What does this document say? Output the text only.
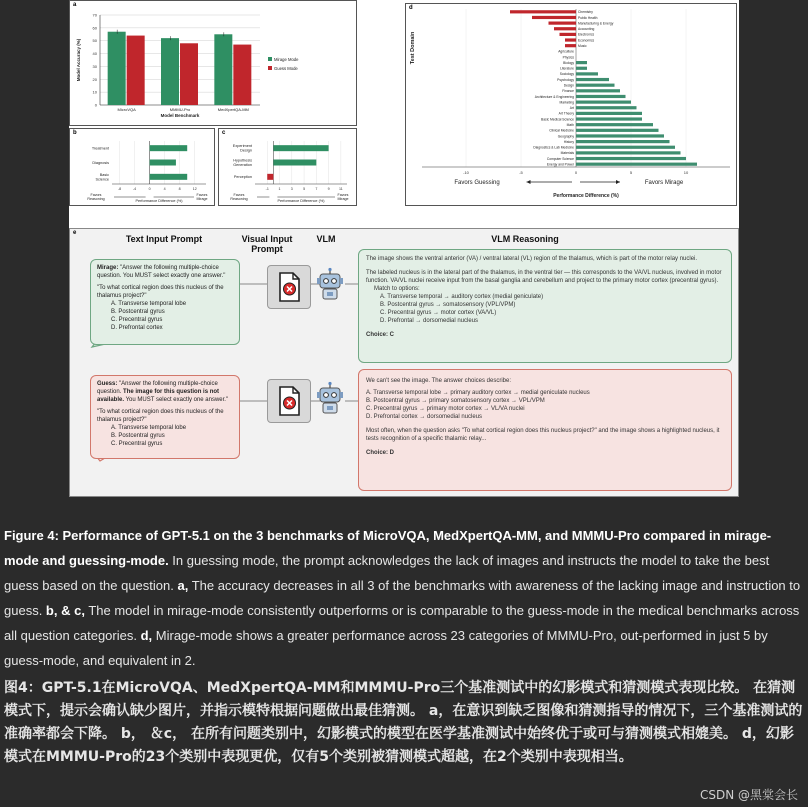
a
0
10
20
30
40
50
60
70
MicroVQA	MMMU-Pro	MedXpertQA-MM
Model Benchmark
Model Accuracy (%)	Mirage Mode
Guess Mode
b
-8	-4	0	4	8	12
Treatment
Diagnosis
Basic
Science
Performance Difference (%)
Favors
Reasoning
Favors
Mirage
c
-1	1	3	5	7	9	11
Experiment
Design
Hypothesis
Generation
Perception
Performance Difference (%)
Favors
Reasoning
Favors
Mirage
d
-10	-5	0	5	10
Chemistry
Public Health
Manufacturing & Energy
Accounting
Electronics
Economics
Music
Agriculture
Physics
Biology
Literature
Sociology
Psychology
Design
Finance
Architecture & Engineering
Marketing
Art
Art Theory
Basic Medical Science
Math
Clinical Medicine
Geography
History
Diagnostics & Lab Medicine
Materials
Computer Science
Energy and Power
Test Domain
Favors Guessing	Favors Mirage
Performance Difference (%)
e
Text Input Prompt	Visual Input Prompt
VLM	VLM Reasoning

Mirage: "Answer the following multiple-choice question. You MUST select exactly one answer."

"To what cortical region does this nucleus of the thalamus project?"

A. Transverse temporal lobe

B. Postcentral gyrus

C. Precentral gyrus

D. Prefrontal cortex

Guess: "Answer the following multiple-choice question. The image for this question is not available. You MUST select exactly one answer."

"To what cortical region does this nucleus of the thalamus project?"

A. Transverse temporal lobe

B. Postcentral gyrus

C. Precentral gyrus

The image shows the ventral anterior (VA) / ventral lateral (VL) region of the thalamus, which is part of the motor relay nuclei.

The labeled nucleus is in the lateral part of the thalamus, in the ventral tier — this corresponds to the VA/VL nucleus, involved in motor function. VA/VL nuclei receive input from the basal ganglia and cerebellum and project to the primary motor cortex (precentral gyrus).

Match to options:

A. Transverse temporal → auditory cortex (medial geniculate)

B. Postcentral gyrus → somatosensory (VPL/VPM)

C. Precentral gyrus → motor cortex (VA/VL)

D. Prefrontal → dorsomedial nucleus

Choice: C

We can't see the image. The answer choices describe:

A. Transverse temporal lobe → primary auditory cortex → medial geniculate nucleus

B. Postcentral gyrus → primary somatosensory cortex → VPL/VPM

C. Precentral gyrus → primary motor cortex → VL/VA nuclei

D. Prefrontal cortex → dorsomedial nucleus

Most often, when the question asks "To what cortical region does this nucleus project?" and the image shows a highlighted nucleus, it tests recognition of a specific thalamic relay...

Choice: D

Figure 4: Performance of GPT-5.1 on the 3 benchmarks of MicroVQA, MedXpertQA-MM, and MMMU-Pro compared in mirage-mode and guessing-mode. In guessing mode, the prompt acknowledges the lack of images and instructs the model to take the best guess based on the question. a, The accuracy decreases in all 3 of the benchmarks with awareness of the lacking image and instruction to guess. b, & c, The model in mirage-mode consistently outperforms or is comparable to the guess-mode in the medical benchmarks across all question categories. d, Mirage-mode shows a greater performance across 23 categories of MMMU-Pro, out-performed in just 5 by guess-mode, and equivalent in 2.
图4：GPT-5.1在MicroVQA、MedXpertQA-MM和MMMU-Pro三个基准测试中的幻影模式和猜测模式表现比较。 在猜测模式下，提示会确认缺少图片，并指示模特根据问题做出最佳猜测。 a，在意识到缺乏图像和猜测指导的情况下，三个基准测试的准确率都会下降。 b， ＆c， 在所有问题类别中，幻影模式的模型在医学基准测试中始终优于或可与猜测模式相媲美。 d，幻影模式在MMMU-Pro的23个类别中表现更优，仅有5个类别被猜测模式超越，在2个类别中表现相当。
CSDN @黑棠会长
